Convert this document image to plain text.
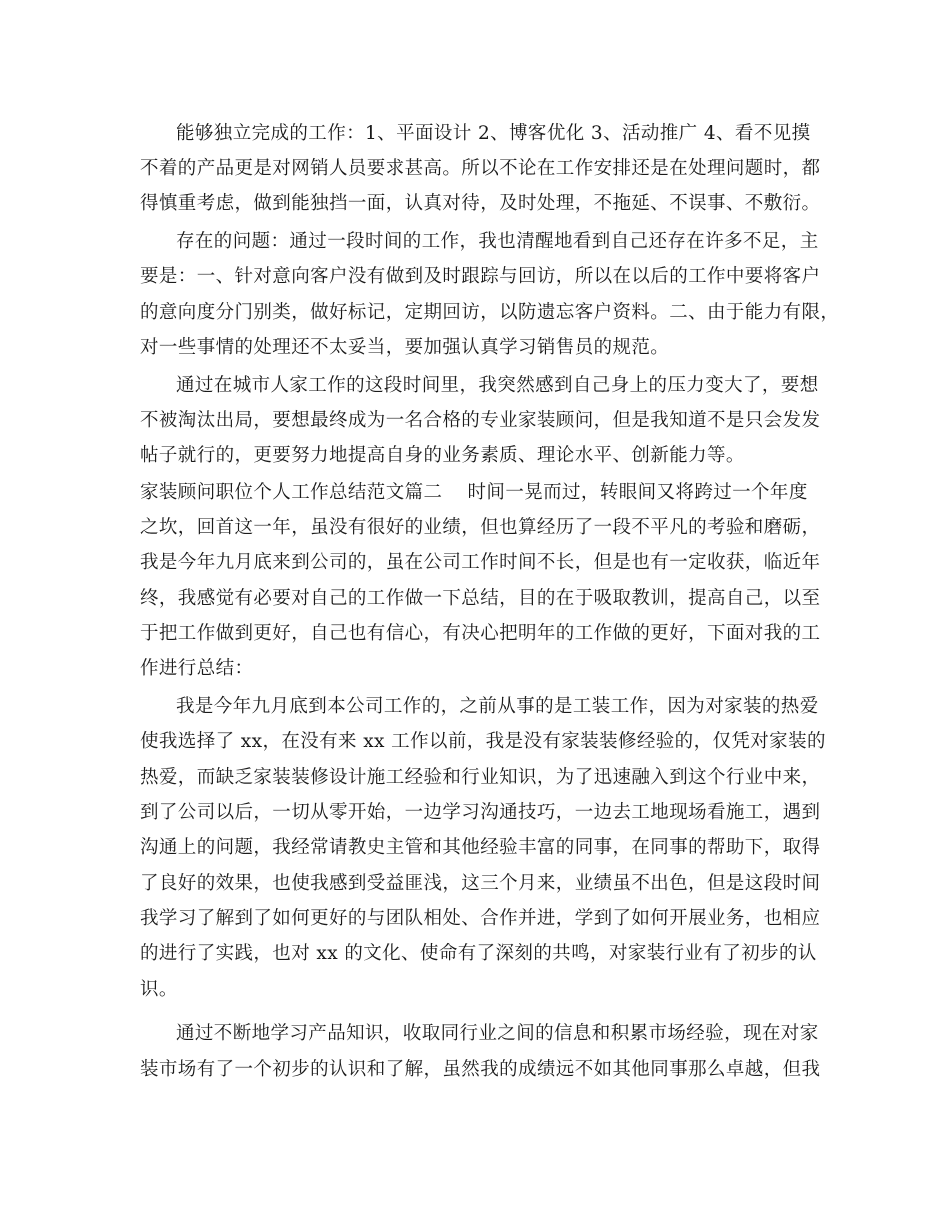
能够独立完成的工作：1、平面设计 2、博客优化 3、活动推广 4、看不见摸
不着的产品更是对网销人员要求甚高。所以不论在工作安排还是在处理问题时，都
得慎重考虑，做到能独挡一面，认真对待，及时处理，不拖延、不误事、不敷衍。
存在的问题：通过一段时间的工作，我也清醒地看到自己还存在许多不足，主
要是：一、针对意向客户没有做到及时跟踪与回访，所以在以后的工作中要将客户
的意向度分门别类，做好标记，定期回访，以防遗忘客户资料。二、由于能力有限，
对一些事情的处理还不太妥当，要加强认真学习销售员的规范。
通过在城市人家工作的这段时间里，我突然感到自己身上的压力变大了，要想
不被淘汰出局，要想最终成为一名合格的专业家装顾问，但是我知道不是只会发发
帖子就行的，更要努力地提高自身的业务素质、理论水平、创新能力等。
家装顾问职位个人工作总结范文篇二    时间一晃而过，转眼间又将跨过一个年度
之坎，回首这一年，虽没有很好的业绩，但也算经历了一段不平凡的考验和磨砺，
我是今年九月底来到公司的，虽在公司工作时间不长，但是也有一定收获，临近年
终，我感觉有必要对自己的工作做一下总结，目的在于吸取教训，提高自己，以至
于把工作做到更好，自己也有信心，有决心把明年的工作做的更好，下面对我的工
作进行总结：
我是今年九月底到本公司工作的，之前从事的是工装工作，因为对家装的热爱
使我选择了 xx，在没有来 xx 工作以前，我是没有家装装修经验的，仅凭对家装的
热爱，而缺乏家装装修设计施工经验和行业知识，为了迅速融入到这个行业中来，
到了公司以后，一切从零开始，一边学习沟通技巧，一边去工地现场看施工，遇到
沟通上的问题，我经常请教史主管和其他经验丰富的同事，在同事的帮助下，取得
了良好的效果，也使我感到受益匪浅，这三个月来，业绩虽不出色，但是这段时间
我学习了解到了如何更好的与团队相处、合作并进，学到了如何开展业务，也相应
的进行了实践，也对 xx 的文化、使命有了深刻的共鸣，对家装行业有了初步的认
识。
通过不断地学习产品知识，收取同行业之间的信息和积累市场经验，现在对家
装市场有了一个初步的认识和了解，虽然我的成绩远不如其他同事那么卓越，但我
